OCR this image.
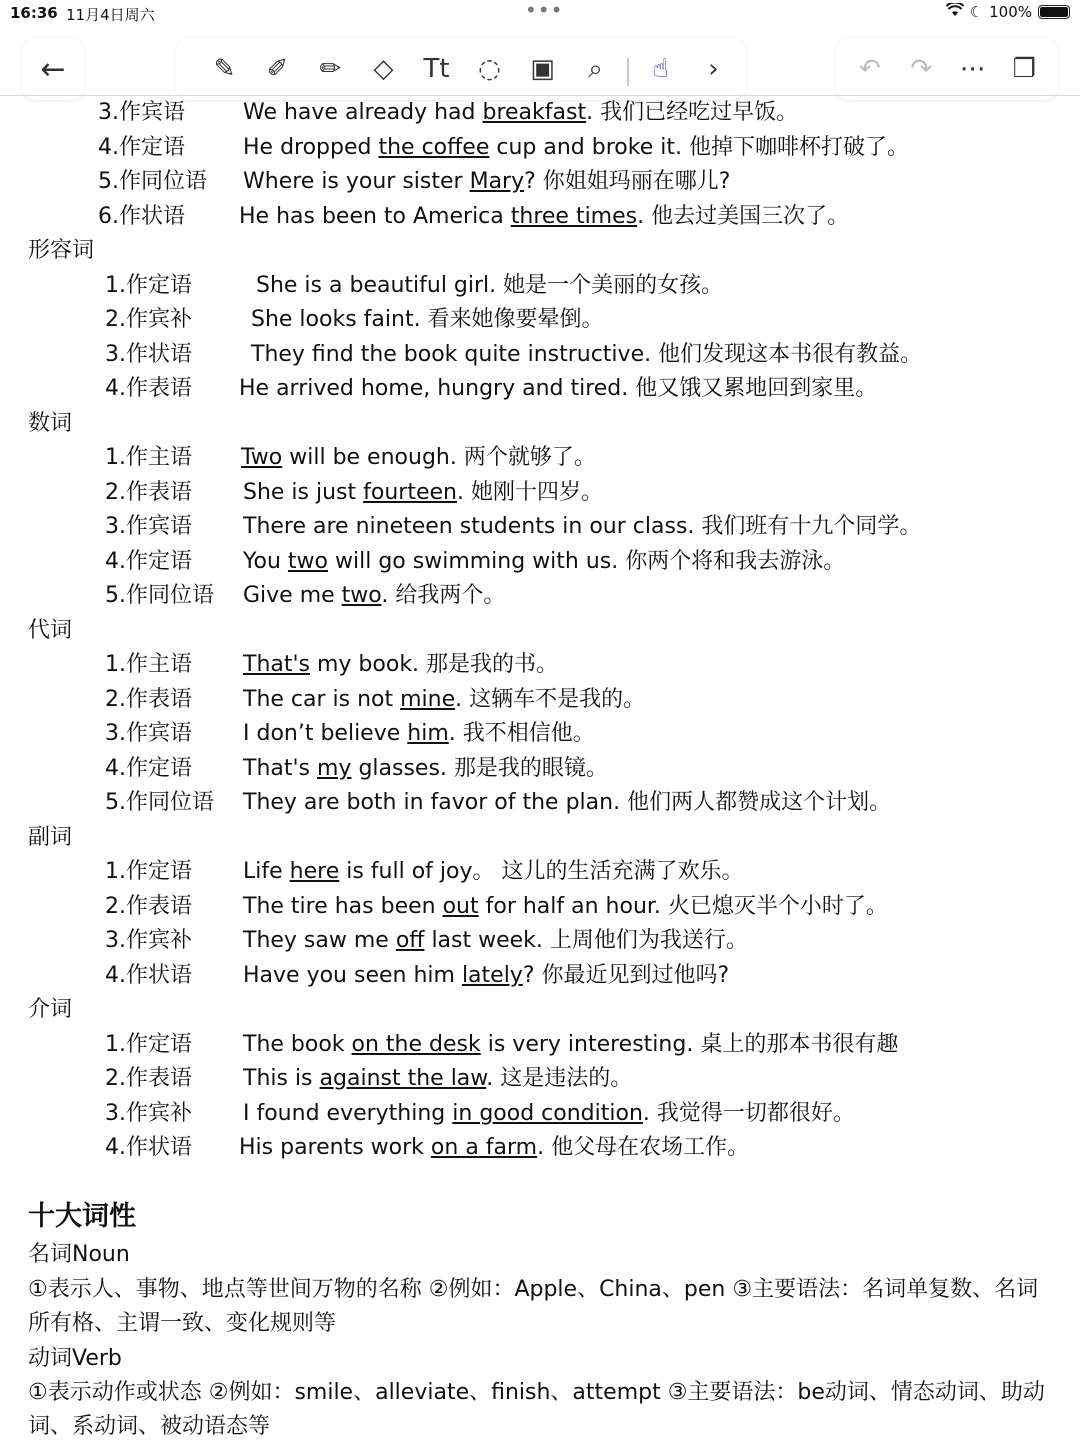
16:36 11月4日周六	•••	☾ 100%
←	✎	✐	✏	◇	Tt	◌	▣	⌕ | ☝	›	↶	↷	⋯	❐
3.作宾语	We have already had breakfast. 我们已经吃过早饭。
4.作定语	He dropped the coffee cup and broke it. 他掉下咖啡杯打破了。
5.作同位语 Where is your sister Mary? 你姐姐玛丽在哪儿?
6.作状语 He has been to America three times. 他去过美国三次了。
形容词
1.作定语	She is a beautiful girl. 她是一个美丽的女孩。
2.作宾补	She looks faint. 看来她像要晕倒。
3.作状语	They find the book quite instructive. 他们发现这本书很有教益。
4.作表语 He arrived home, hungry and tired. 他又饿又累地回到家里。
数词
1.作主语 Two will be enough. 两个就够了。
2.作表语 She is just fourteen. 她刚十四岁。
3.作宾语 There are nineteen students in our class. 我们班有十九个同学。
4.作定语 You two will go swimming with us. 你两个将和我去游泳。
5.作同位语 Give me two. 给我两个。
代词
1.作主语 That's my book. 那是我的书。
2.作表语 The car is not mine. 这辆车不是我的。
3.作宾语 I don’t believe him. 我不相信他。
4.作定语 That's my glasses. 那是我的眼镜。
5.作同位语 They are both in favor of the plan. 他们两人都赞成这个计划。
副词
1.作定语 Life here is full of joy。 这儿的生活充满了欢乐。
2.作表语 The tire has been out for half an hour. 火已熄灭半个小时了。
3.作宾补 They saw me off last week. 上周他们为我送行。
4.作状语 Have you seen him lately? 你最近见到过他吗?
介词
1.作定语 The book on the desk is very interesting. 桌上的那本书很有趣
2.作表语 This is against the law. 这是违法的。
3.作宾补 I found everything in good condition. 我觉得一切都很好。
4.作状语 His parents work on a farm. 他父母在农场工作。
十大词性
名词Noun
①表示人、事物、地点等世间万物的名称 ②例如：Apple、China、pen ③主要语法：名词单复数、名词所有格、主谓一致、变化规则等
动词Verb
①表示动作或状态 ②例如：smile、alleviate、finish、attempt ③主要语法：be动词、情态动词、助动词、系动词、被动语态等
